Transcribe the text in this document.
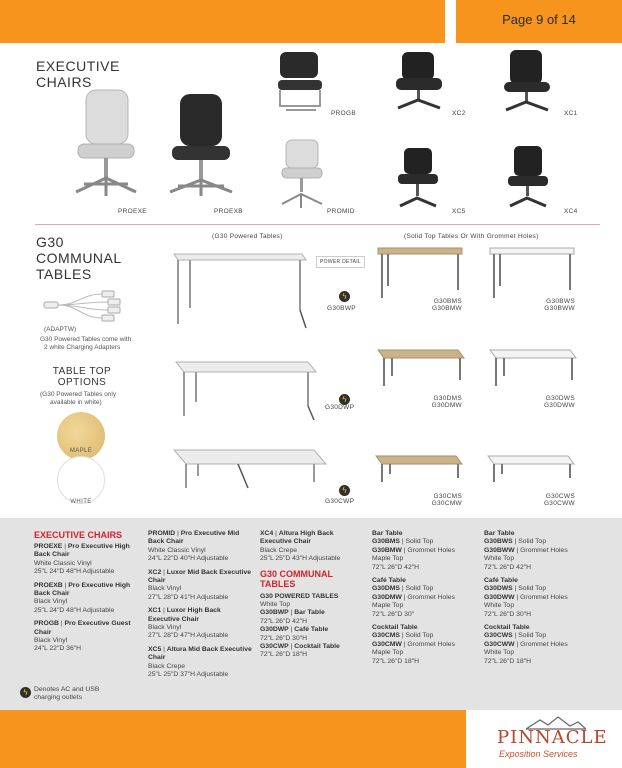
Page 9 of 14
EXECUTIVE
CHAIRS
PROEXE	PROEXB
PROGB
PROMID
XC2	XC1
XC5	XC4
G30
COMMUNAL
TABLES
(G30 Powered Tables)	(Solid Top Tables Or With Grommet Holes)
(ADAPTW)
G30 Powered Tables come with
2 white Charging Adapters
TABLE TOP
OPTIONS
(G30 Powered Tables only
available in white)
MAPLE
WHITE
POWER DETAIL
ϟ
G30BWP
ϟ
G30DWP
ϟ
G30CWP
G30BMS
G30BMW
G30BWS
G30BWW
G30DMS
G30DMW
G30DWS
G30DWW
G30CMS
G30CMW
G30CWS
G30CWW
EXECUTIVE CHAIRS
PROEXE | Pro Executive High Back Chair
White Classic Vinyl
25"L 24"D 48"H Adjustable
PROEXB | Pro Executive High Back Chair
Black Vinyl
25"L 24"D 48"H Adjustable
PROGB | Pro Executive Guest Chair
Black Vinyl
24"L 22"D 36"H
ϟ Denotes AC and USB charging outlets
PROMID | Pro Executive Mid Back Chair
White Classic Vinyl
24"L 22"D 40"H Adjustable
XC2 | Luxor Mid Back Executive Chair
Black Vinyl
27"L 28"D 41"H Adjustable
XC1 | Luxor High Back Executive Chair
Black Vinyl
27"L 28"D 47"H Adjustable
XC5 | Altura Mid Back Executive Chair
Black Crepe
25"L 25"D 37"H Adjustable
XC4 | Altura High Back Executive Chair
Black Crepe
25"L 25"D 43"H Adjustable
G30 COMMUNAL TABLES
G30 POWERED TABLES
White Top
G30BWP | Bar Table
72"L 26"D 42"H
G30DWP | Café Table
72"L 26"D 30"H
G30CWP | Cocktail Table
72"L 26"D 18"H
Bar Table
G30BMS | Solid Top
G30BMW | Grommet Holes
Maple Top
72"L 26"D 42"H
Café Table
G30DMS | Solid Top
G30DMW | Grommet Holes
Maple Top
72"L 26"D 30"
Cocktail Table
G30CMS | Solid Top
G30CMW | Grommet Holes
Maple Top
72"L 26"D 18"H
Bar Table
G30BWS | Solid Top
G30BWW | Grommet Holes
White Top
72"L 26"D 42"H
Café Table
G30DWS | Solid Top
G30DWW | Grommet Holes
White Top
72"L 26"D 30"H
Cocktail Table
G30CWS | Solid Top
G30CWW | Grommet Holes
White Top
72"L 26"D 18"H
PINNACLE
Exposition Services
